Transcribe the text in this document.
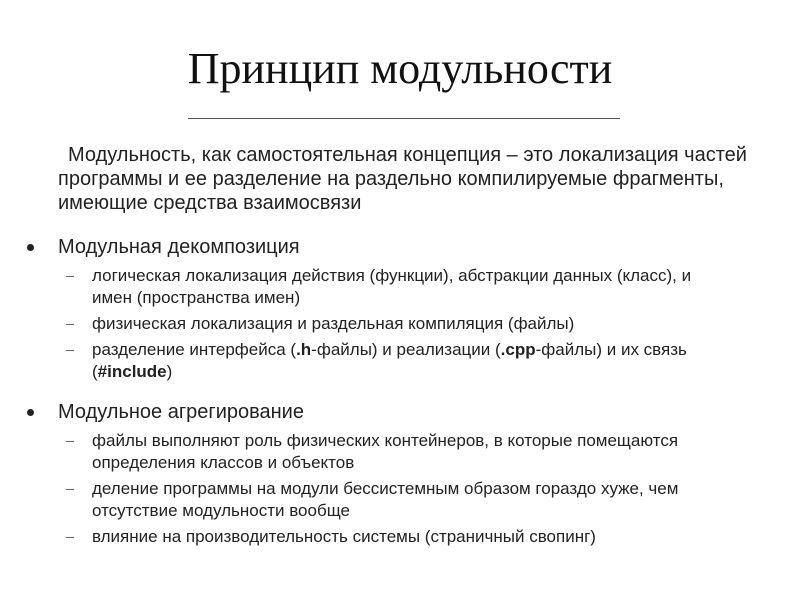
Принцип модульности

Модульность, как самостоятельная концепция – это локализация частей программы и ее разделение на раздельно компилируемые фрагменты, имеющие средства взаимосвязи

Модульная декомпозиция
логическая локализация действия (функции), абстракции данных (класс), и имен (пространства имен)
физическая локализация и раздельная компиляция (файлы)
разделение интерфейса (.h-файлы) и реализации (.cpp-файлы) и их связь (#include)
Модульное агрегирование
файлы выполняют роль физических контейнеров, в которые помещаются определения классов и объектов
деление программы на модули бессистемным образом гораздо хуже, чем отсутствие модульности вообще
влияние на производительность системы (страничный свопинг)
